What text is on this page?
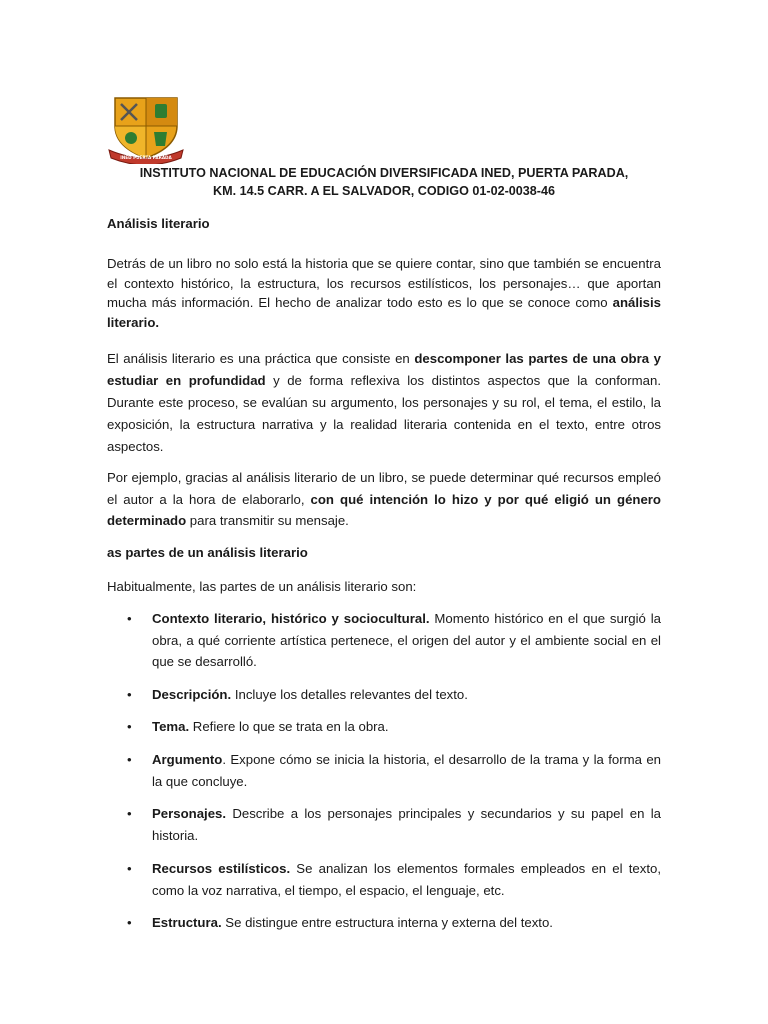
INED PUERTA PARADA
INSTITUTO NACIONAL DE EDUCACIÓN DIVERSIFICADA INED, PUERTA PARADA,
KM. 14.5 CARR. A EL SALVADOR, CODIGO 01-02-0038-46
Análisis literario

Detrás de un libro no solo está la historia que se quiere contar, sino que también se encuentra el contexto histórico, la estructura, los recursos estilísticos, los personajes… que aportan mucha más información. El hecho de analizar todo esto es lo que se conoce como análisis literario.

El análisis literario es una práctica que consiste en descomponer las partes de una obra y estudiar en profundidad y de forma reflexiva los distintos aspectos que la conforman. Durante este proceso, se evalúan su argumento, los personajes y su rol, el tema, el estilo, la exposición, la estructura narrativa y la realidad literaria contenida en el texto, entre otros aspectos.

Por ejemplo, gracias al análisis literario de un libro, se puede determinar qué recursos empleó el autor a la hora de elaborarlo, con qué intención lo hizo y por qué eligió un género determinado para transmitir su mensaje.

as partes de un análisis literario

Habitualmente, las partes de un análisis literario son:

• Contexto literario, histórico y sociocultural. Momento histórico en el que surgió la obra, a qué corriente artística pertenece, el origen del autor y el ambiente social en el que se desarrolló.
• Descripción. Incluye los detalles relevantes del texto.
• Tema. Refiere lo que se trata en la obra.
• Argumento. Expone cómo se inicia la historia, el desarrollo de la trama y la forma en la que concluye.
• Personajes. Describe a los personajes principales y secundarios y su papel en la historia.
• Recursos estilísticos. Se analizan los elementos formales empleados en el texto, como la voz narrativa, el tiempo, el espacio, el lenguaje, etc.
• Estructura. Se distingue entre estructura interna y externa del texto.
